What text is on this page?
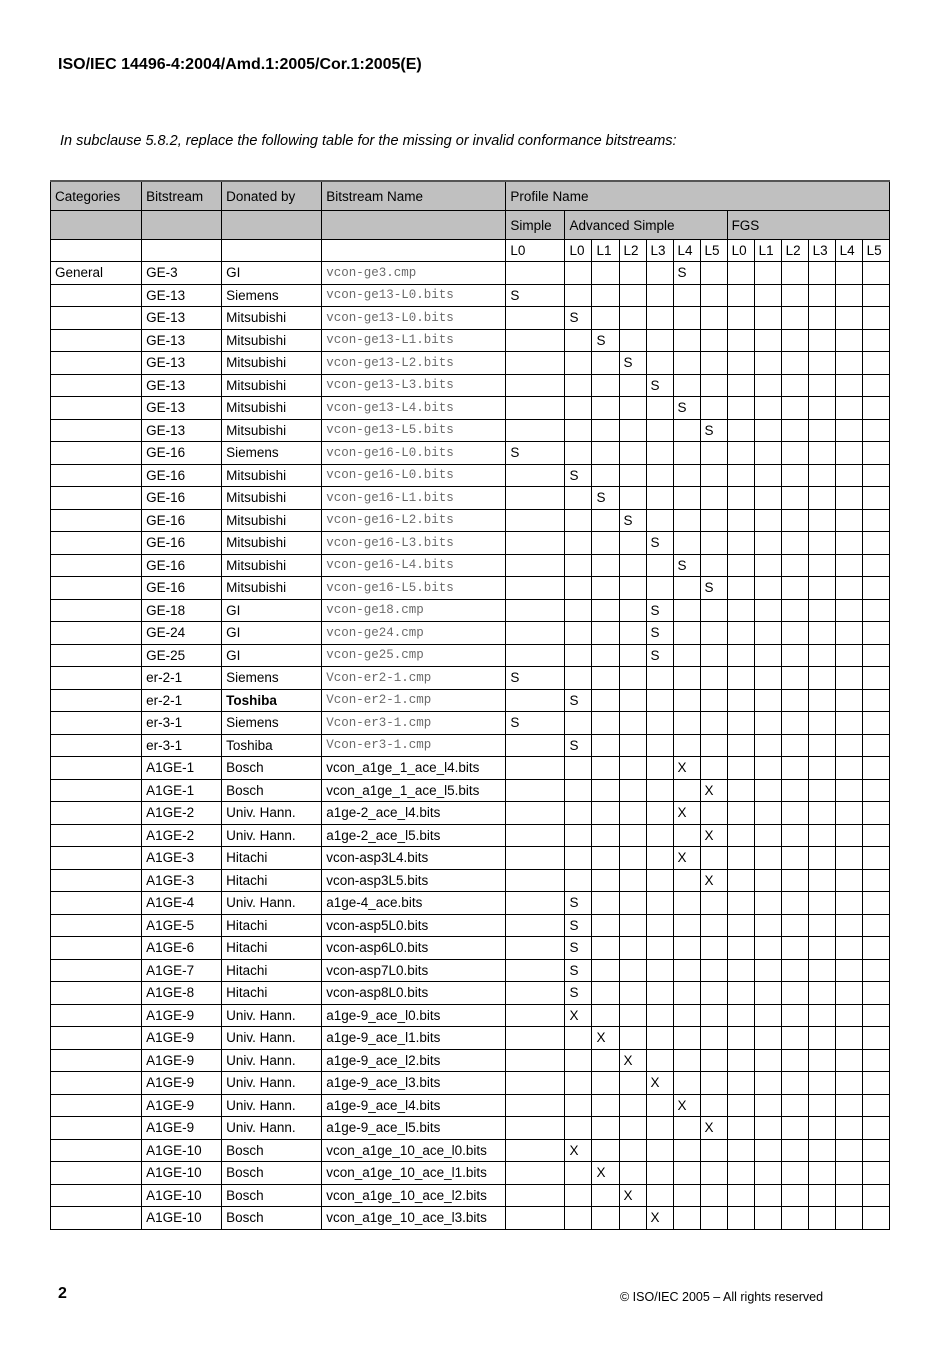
ISO/IEC 14496-4:2004/Amd.1:2005/Cor.1:2005(E)
In subclause 5.8.2, replace the following table for the missing or invalid conformance bitstreams:
Categories	Bitstream	Donated by	Bitstream Name	Profile Name												
				Simple	Advanced Simple						FGS					
				L0	L0	L1	L2	L3	L4	L5	L0	L1	L2	L3	L4	L5
General	GE-3	GI	vcon-ge3.cmp						S							
	GE-13	Siemens	vcon-ge13-L0.bits	S												
	GE-13	Mitsubishi	vcon-ge13-L0.bits		S											
	GE-13	Mitsubishi	vcon-ge13-L1.bits			S										
	GE-13	Mitsubishi	vcon-ge13-L2.bits				S									
	GE-13	Mitsubishi	vcon-ge13-L3.bits					S								
	GE-13	Mitsubishi	vcon-ge13-L4.bits						S							
	GE-13	Mitsubishi	vcon-ge13-L5.bits							S						
	GE-16	Siemens	vcon-ge16-L0.bits	S												
	GE-16	Mitsubishi	vcon-ge16-L0.bits		S											
	GE-16	Mitsubishi	vcon-ge16-L1.bits			S										
	GE-16	Mitsubishi	vcon-ge16-L2.bits				S									
	GE-16	Mitsubishi	vcon-ge16-L3.bits					S								
	GE-16	Mitsubishi	vcon-ge16-L4.bits						S							
	GE-16	Mitsubishi	vcon-ge16-L5.bits							S						
	GE-18	GI	vcon-ge18.cmp					S								
	GE-24	GI	vcon-ge24.cmp					S								
	GE-25	GI	vcon-ge25.cmp					S								
	er-2-1	Siemens	Vcon-er2-1.cmp	S												
	er-2-1	Toshiba	Vcon-er2-1.cmp		S											
	er-3-1	Siemens	Vcon-er3-1.cmp	S												
	er-3-1	Toshiba	Vcon-er3-1.cmp		S											
	A1GE-1	Bosch	vcon_a1ge_1_ace_l4.bits						X							
	A1GE-1	Bosch	vcon_a1ge_1_ace_l5.bits							X						
	A1GE-2	Univ. Hann.	a1ge-2_ace_l4.bits						X							
	A1GE-2	Univ. Hann.	a1ge-2_ace_l5.bits							X						
	A1GE-3	Hitachi	vcon-asp3L4.bits						X							
	A1GE-3	Hitachi	vcon-asp3L5.bits							X						
	A1GE-4	Univ. Hann.	a1ge-4_ace.bits		S											
	A1GE-5	Hitachi	vcon-asp5L0.bits		S											
	A1GE-6	Hitachi	vcon-asp6L0.bits		S											
	A1GE-7	Hitachi	vcon-asp7L0.bits		S											
	A1GE-8	Hitachi	vcon-asp8L0.bits		S											
	A1GE-9	Univ. Hann.	a1ge-9_ace_l0.bits		X											
	A1GE-9	Univ. Hann.	a1ge-9_ace_l1.bits			X										
	A1GE-9	Univ. Hann.	a1ge-9_ace_l2.bits				X									
	A1GE-9	Univ. Hann.	a1ge-9_ace_l3.bits					X								
	A1GE-9	Univ. Hann.	a1ge-9_ace_l4.bits						X							
	A1GE-9	Univ. Hann.	a1ge-9_ace_l5.bits							X						
	A1GE-10	Bosch	vcon_a1ge_10_ace_l0.bits		X											
	A1GE-10	Bosch	vcon_a1ge_10_ace_l1.bits			X										
	A1GE-10	Bosch	vcon_a1ge_10_ace_l2.bits				X									
	A1GE-10	Bosch	vcon_a1ge_10_ace_l3.bits					X								
2	© ISO/IEC 2005 – All rights reserved
